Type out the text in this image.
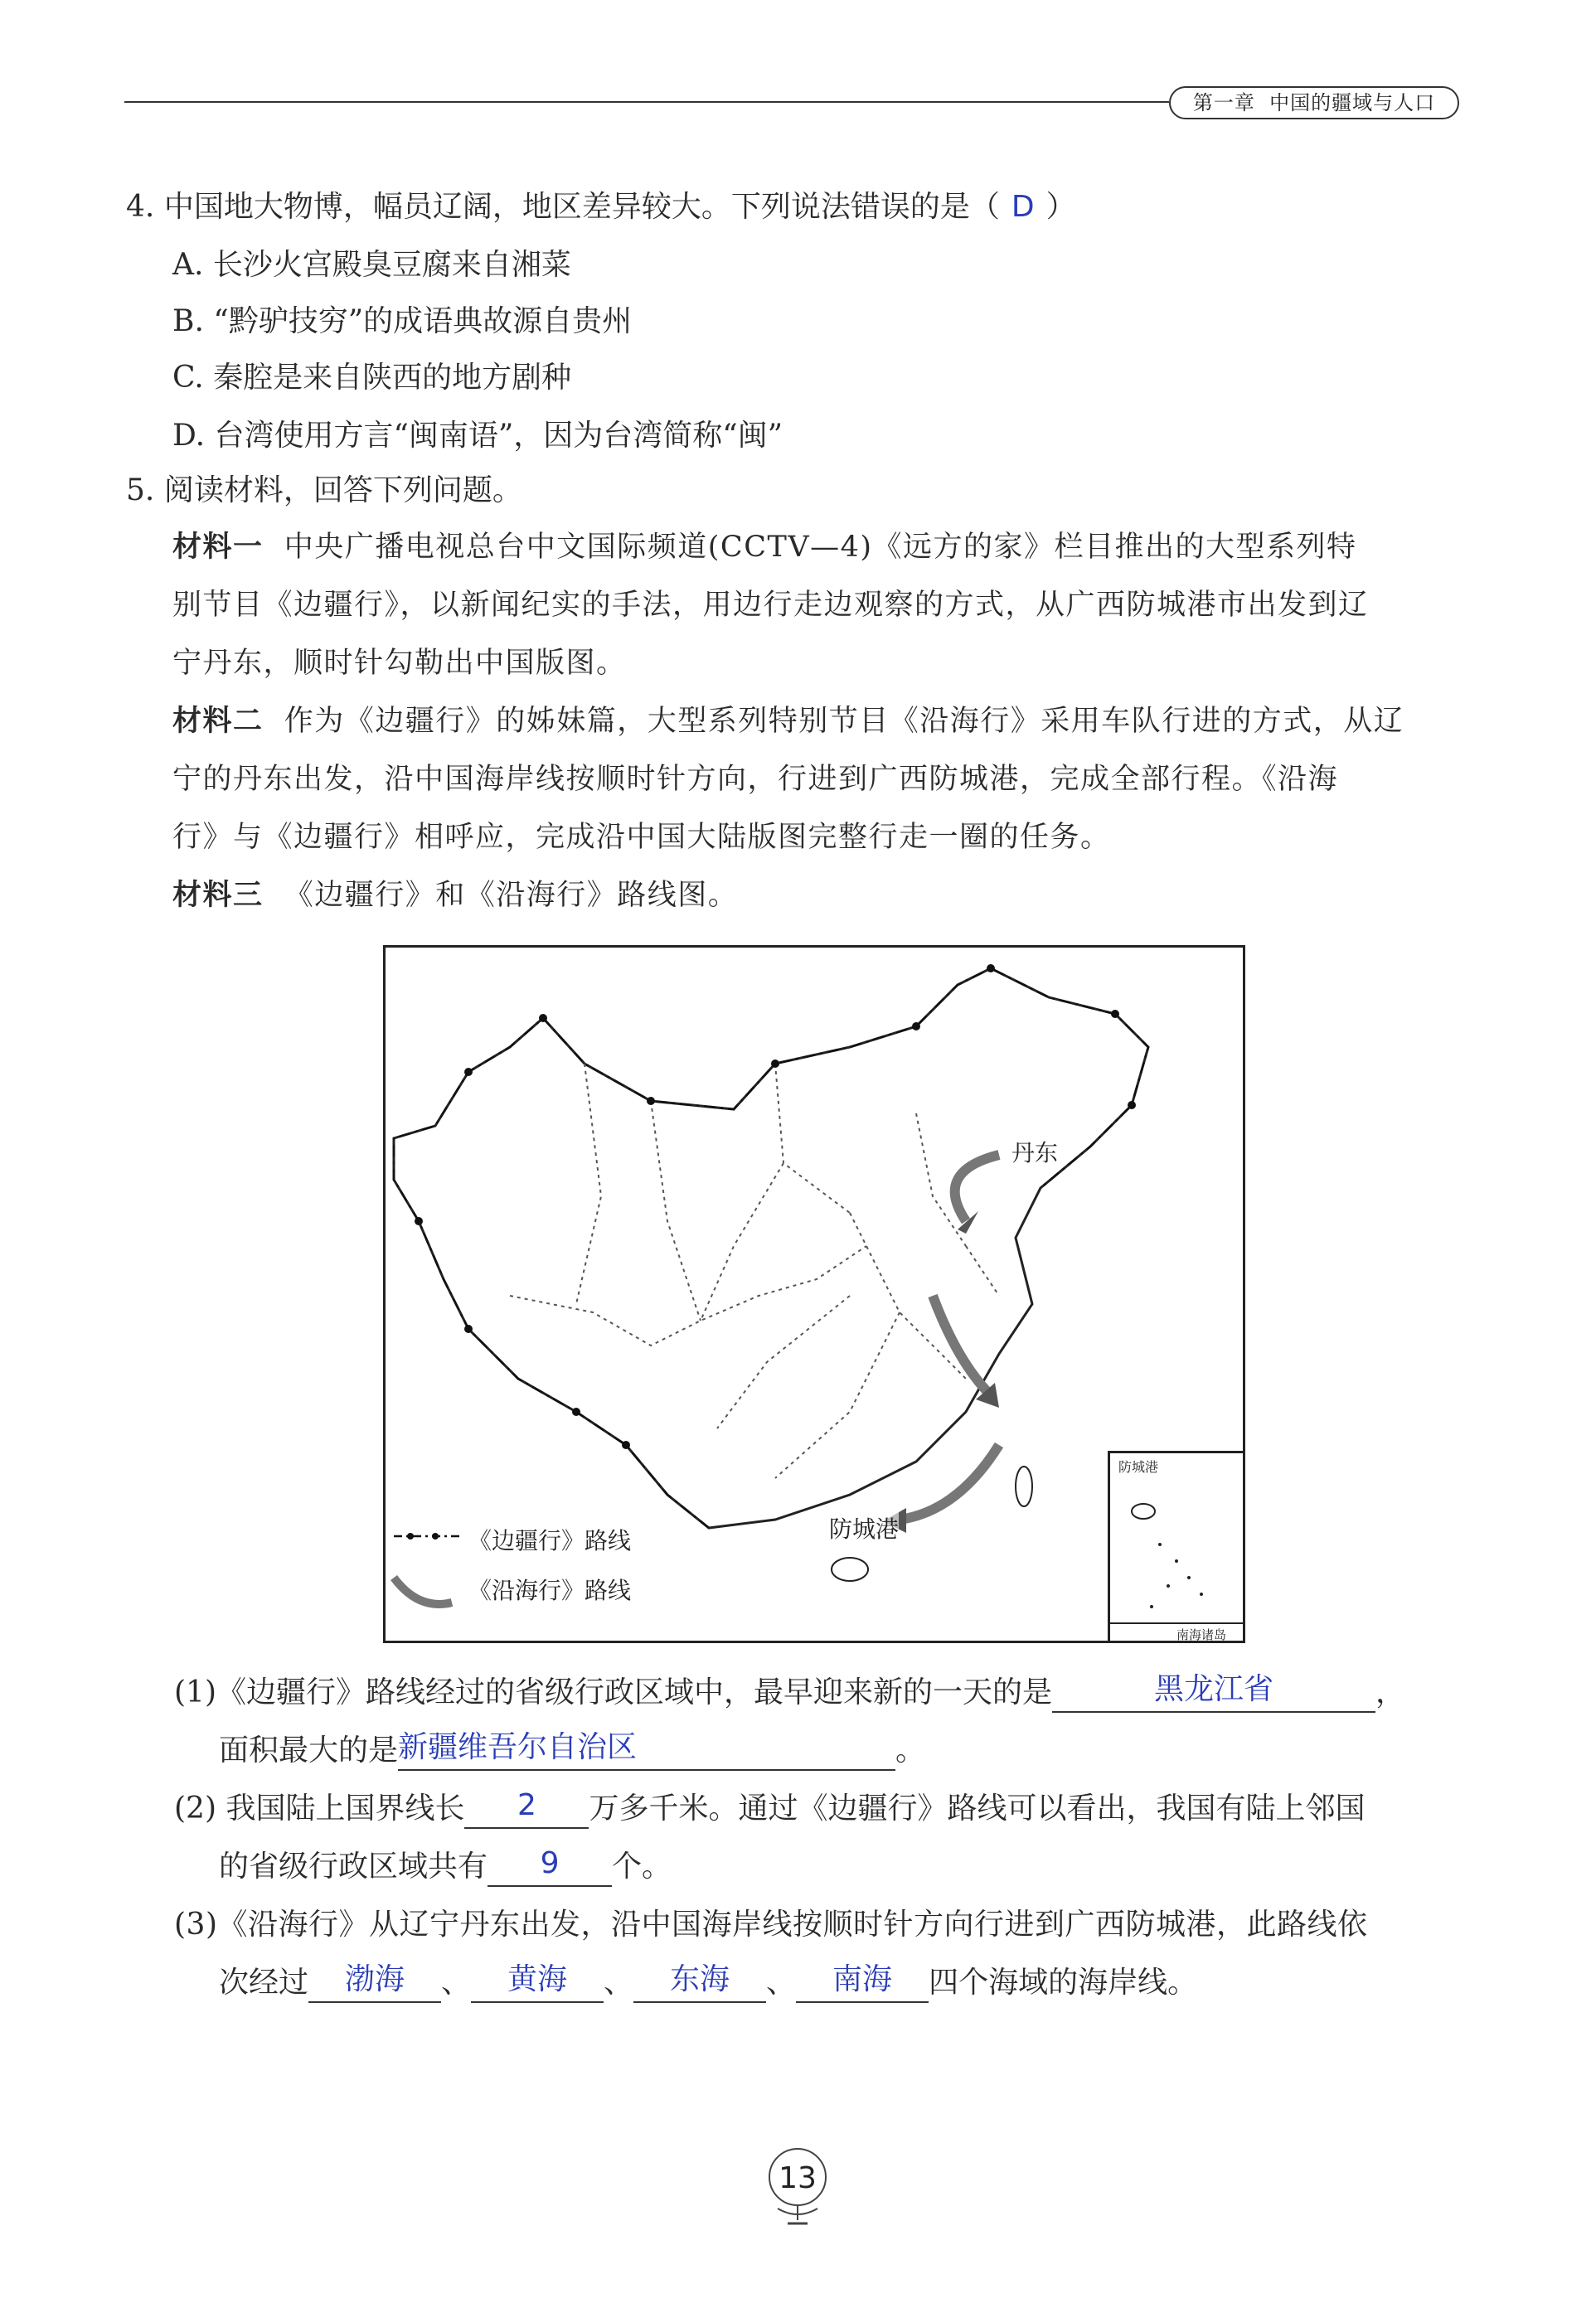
第一章 中国的疆域与人口
4. 中国地大物博，幅员辽阔，地区差异较大。下列说法错误的是（ D ）
A. 长沙火宫殿臭豆腐来自湘菜
B. “黔驴技穷”的成语典故源自贵州
C. 秦腔是来自陕西的地方剧种
D. 台湾使用方言“闽南语”，因为台湾简称“闽”
5. 阅读材料，回答下列问题。
材料一 中央广播电视总台中文国际频道(CCTV—4)《远方的家》栏目推出的大型系列特
别节目《边疆行》，以新闻纪实的手法，用边行走边观察的方式，从广西防城港市出发到辽
宁丹东，顺时针勾勒出中国版图。
材料二 作为《边疆行》的姊妹篇，大型系列特别节目《沿海行》采用车队行进的方式，从辽
宁的丹东出发，沿中国海岸线按顺时针方向，行进到广西防城港，完成全部行程。《沿海
行》与《边疆行》相呼应，完成沿中国大陆版图完整行走一圈的任务。
材料三 《边疆行》和《沿海行》路线图。
丹东
防城港
《边疆行》路线
《沿海行》路线
防城港
南海诸岛
(1)《边疆行》路线经过的省级行政区域中，最早迎来新的一天的是	黑龙江省	，
面积最大的是新疆维吾尔自治区	。
(2) 我国陆上国界线长 2 万多千米。通过《边疆行》路线可以看出，我国有陆上邻国
的省级行政区域共有 9 个。
(3)《沿海行》从辽宁丹东出发，沿中国海岸线按顺时针方向行进到广西防城港，此路线依
次经过 渤海 、 黄海 、 东海 、 南海 四个海域的海岸线。
13
